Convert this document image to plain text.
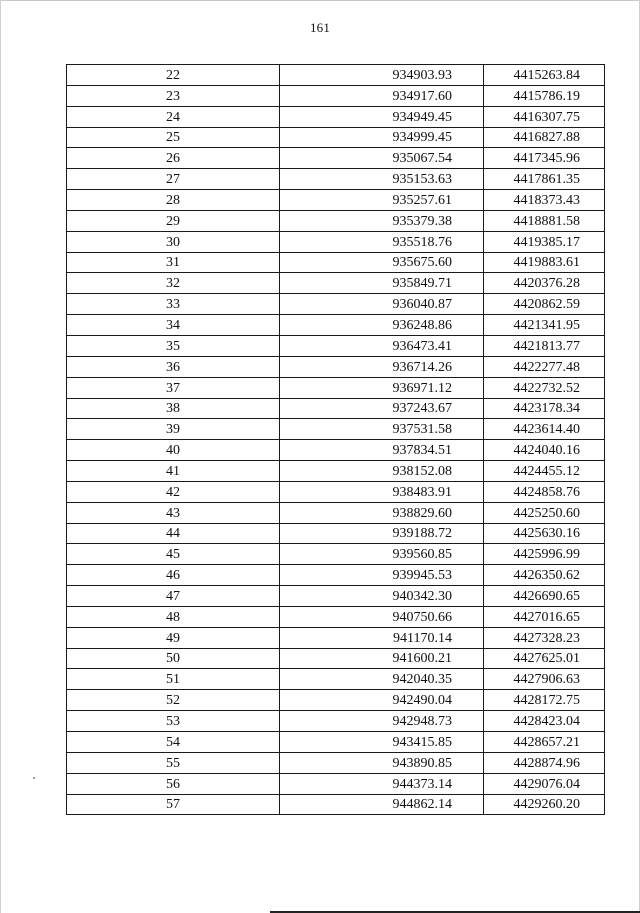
161
22	934903.93	4415263.84
23	934917.60	4415786.19
24	934949.45	4416307.75
25	934999.45	4416827.88
26	935067.54	4417345.96
27	935153.63	4417861.35
28	935257.61	4418373.43
29	935379.38	4418881.58
30	935518.76	4419385.17
31	935675.60	4419883.61
32	935849.71	4420376.28
33	936040.87	4420862.59
34	936248.86	4421341.95
35	936473.41	4421813.77
36	936714.26	4422277.48
37	936971.12	4422732.52
38	937243.67	4423178.34
39	937531.58	4423614.40
40	937834.51	4424040.16
41	938152.08	4424455.12
42	938483.91	4424858.76
43	938829.60	4425250.60
44	939188.72	4425630.16
45	939560.85	4425996.99
46	939945.53	4426350.62
47	940342.30	4426690.65
48	940750.66	4427016.65
49	941170.14	4427328.23
50	941600.21	4427625.01
51	942040.35	4427906.63
52	942490.04	4428172.75
53	942948.73	4428423.04
54	943415.85	4428657.21
55	943890.85	4428874.96
56	944373.14	4429076.04
57	944862.14	4429260.20
